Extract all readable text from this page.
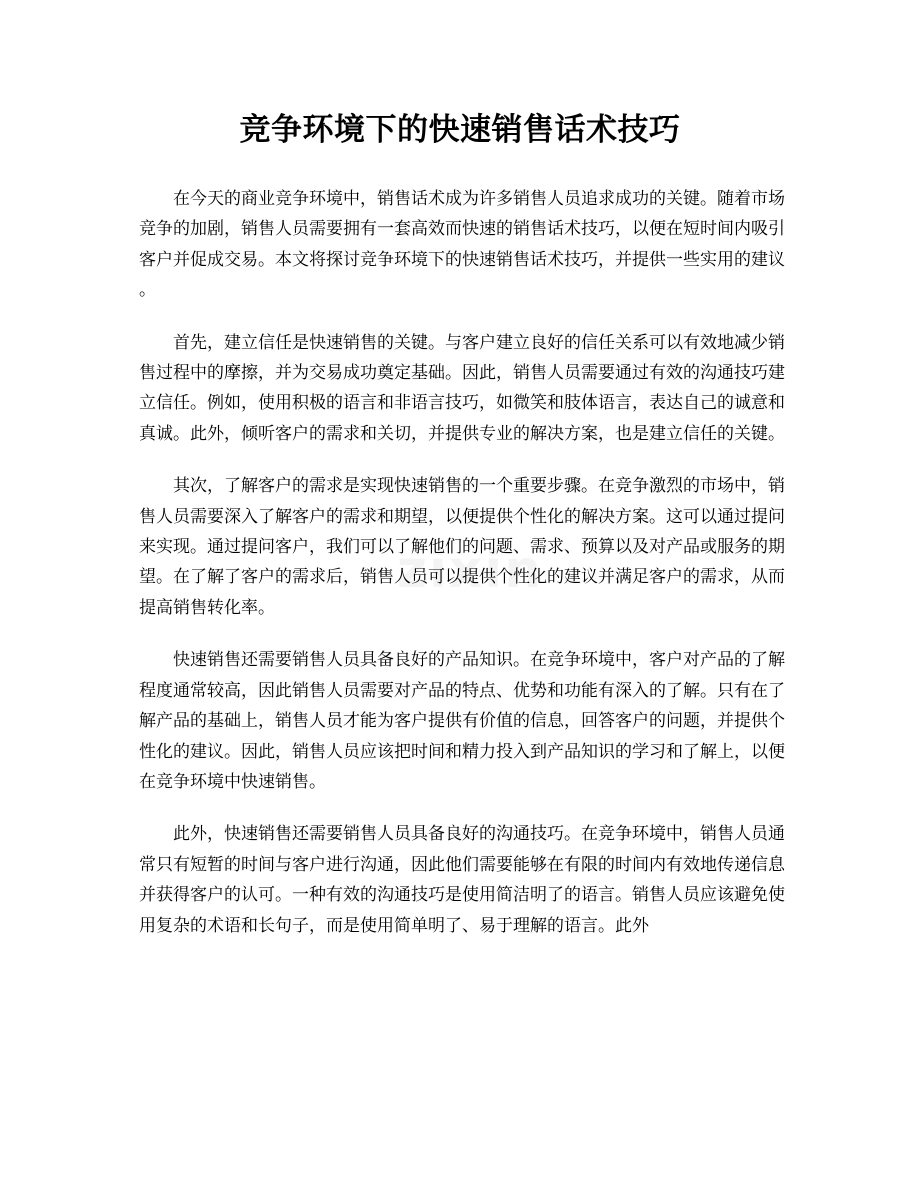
竞争环境下的快速销售话术技巧

在今天的商业竞争环境中，销售话术成为许多销售人员追求成功的关键。随着市场竞争的加剧，销售人员需要拥有一套高效而快速的销售话术技巧，以便在短时间内吸引客户并促成交易。本文将探讨竞争环境下的快速销售话术技巧，并提供一些实用的建议。

首先，建立信任是快速销售的关键。与客户建立良好的信任关系可以有效地减少销售过程中的摩擦，并为交易成功奠定基础。因此，销售人员需要通过有效的沟通技巧建立信任。例如，使用积极的语言和非语言技巧，如微笑和肢体语言，表达自己的诚意和真诚。此外，倾听客户的需求和关切，并提供专业的解决方案，也是建立信任的关键。

其次，了解客户的需求是实现快速销售的一个重要步骤。在竞争激烈的市场中，销售人员需要深入了解客户的需求和期望，以便提供个性化的解决方案。这可以通过提问来实现。通过提问客户，我们可以了解他们的问题、需求、预算以及对产品或服务的期望。在了解了客户的需求后，销售人员可以提供个性化的建议并满足客户的需求，从而提高销售转化率。

快速销售还需要销售人员具备良好的产品知识。在竞争环境中，客户对产品的了解程度通常较高，因此销售人员需要对产品的特点、优势和功能有深入的了解。只有在了解产品的基础上，销售人员才能为客户提供有价值的信息，回答客户的问题，并提供个性化的建议。因此，销售人员应该把时间和精力投入到产品知识的学习和了解上，以便在竞争环境中快速销售。

此外，快速销售还需要销售人员具备良好的沟通技巧。在竞争环境中，销售人员通常只有短暂的时间与客户进行沟通，因此他们需要能够在有限的时间内有效地传递信息并获得客户的认可。一种有效的沟通技巧是使用简洁明了的语言。销售人员应该避免使用复杂的术语和长句子，而是使用简单明了、易于理解的语言。此外
